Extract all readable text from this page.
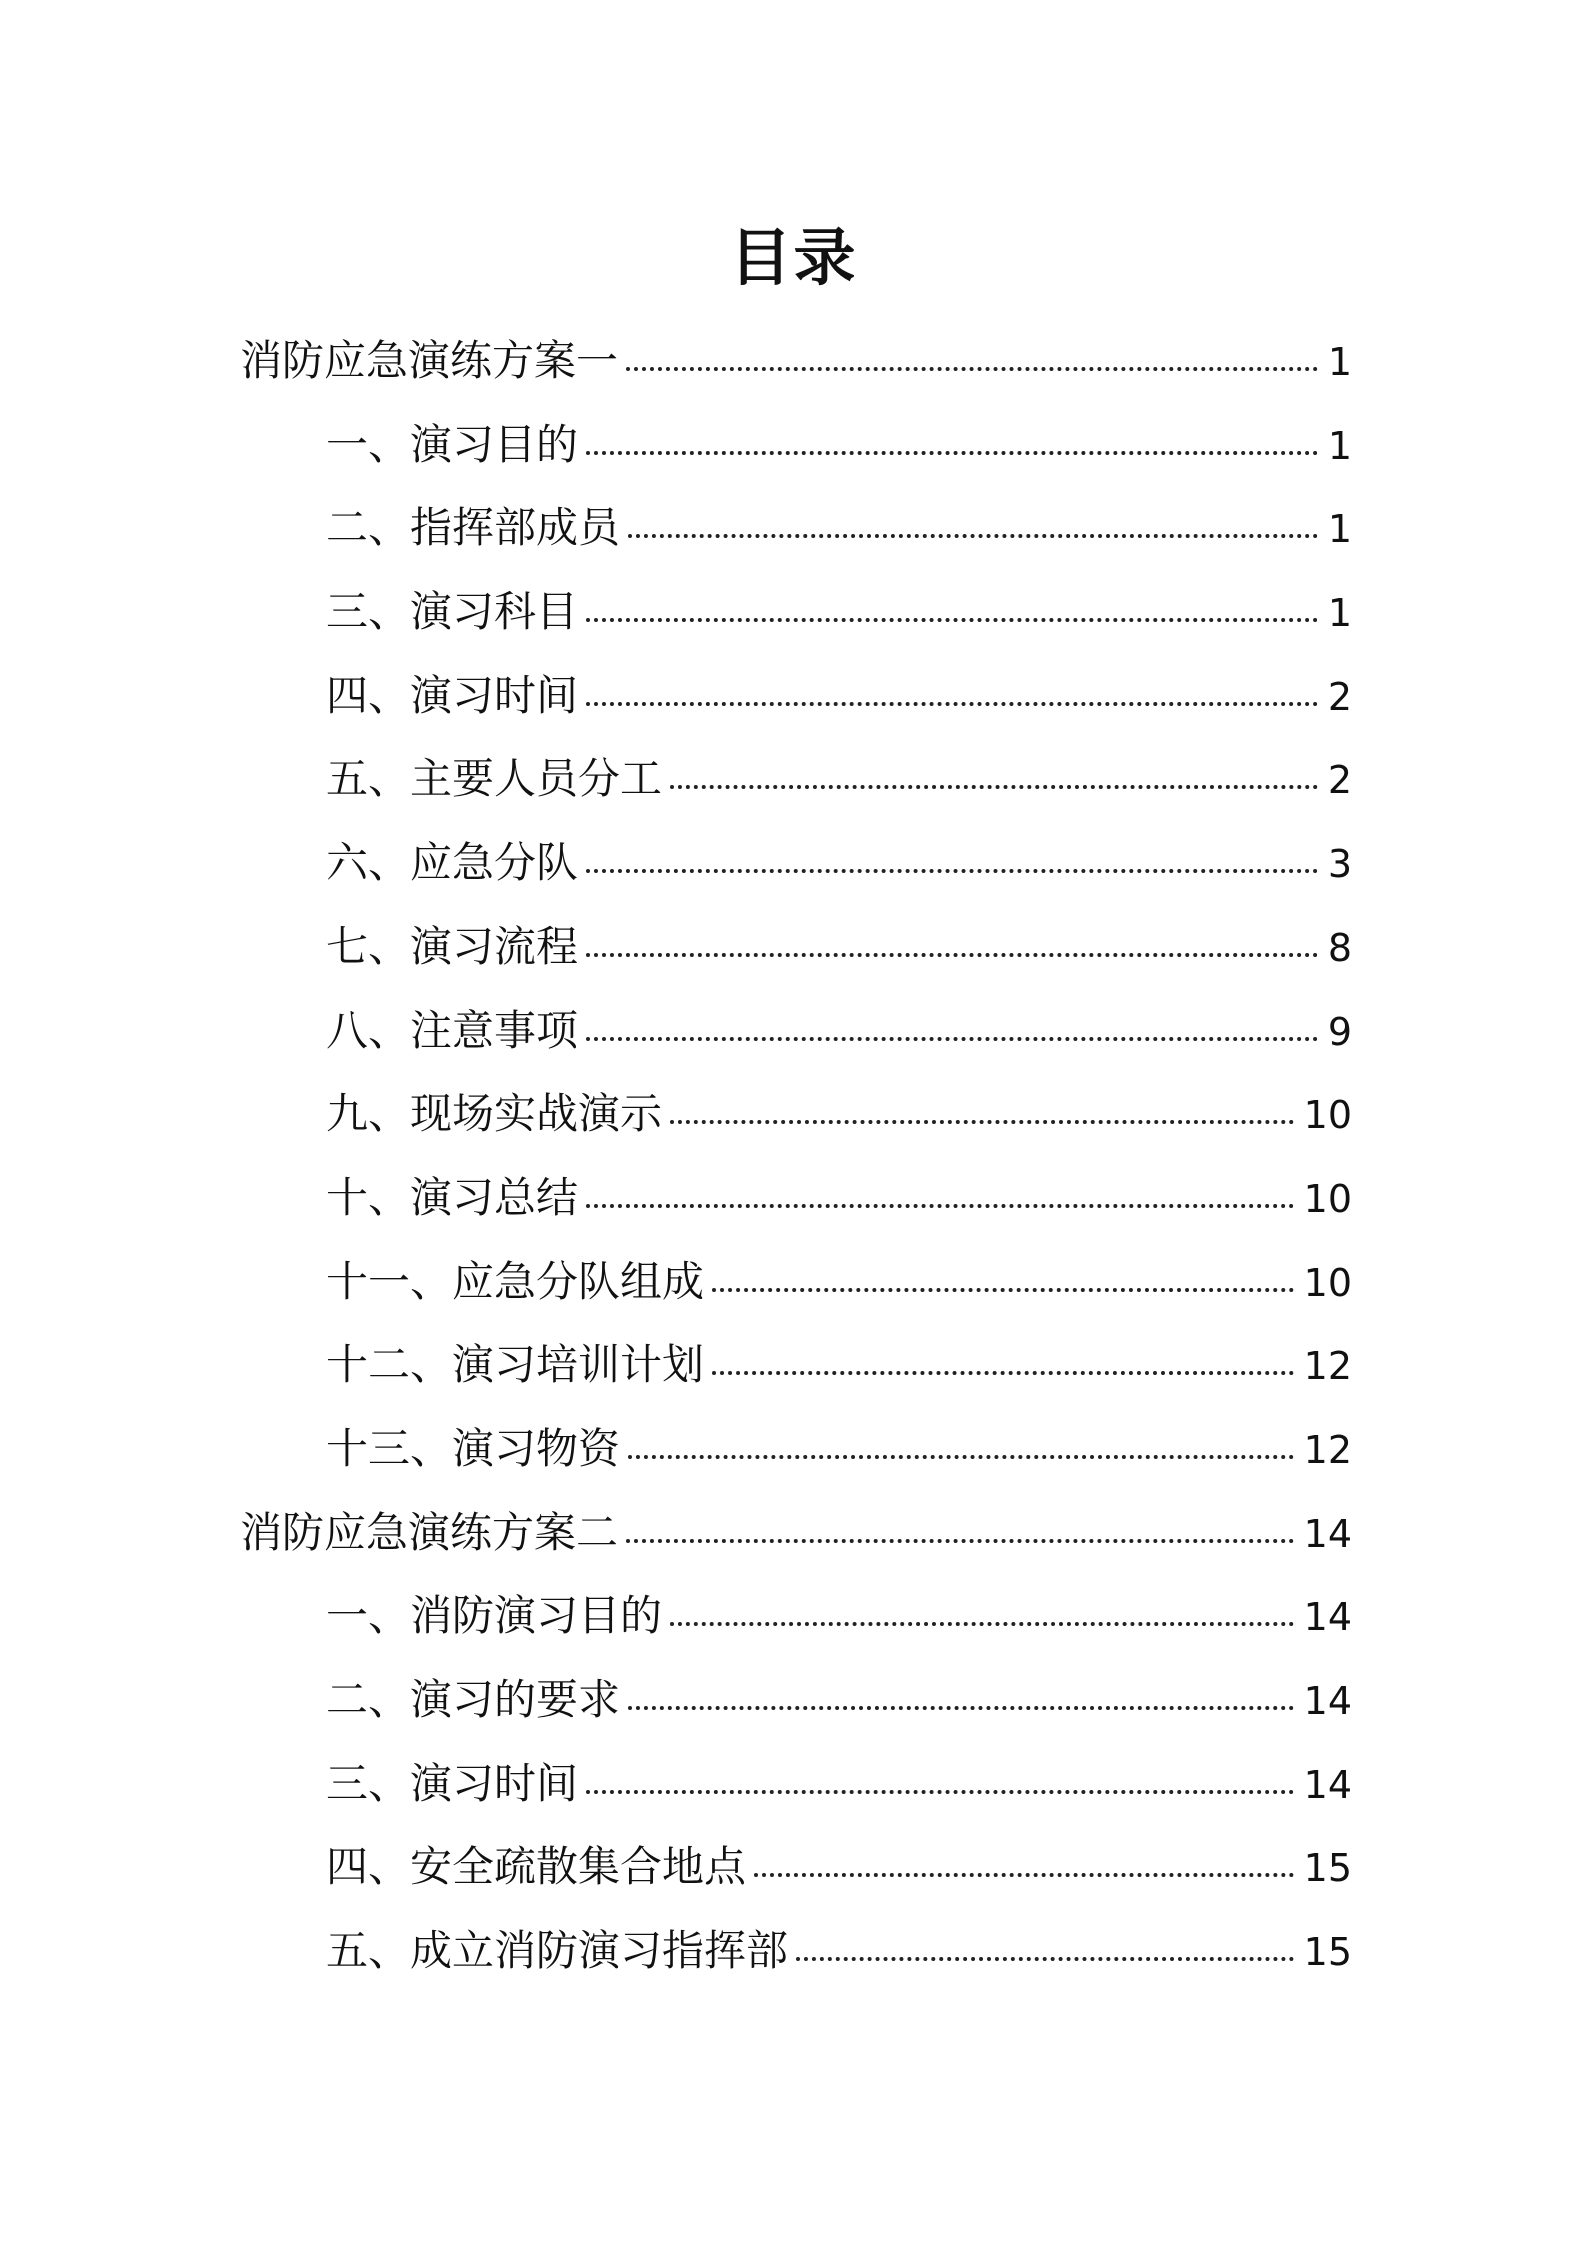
目录
消防应急演练方案一	1
一、演习目的	1
二、指挥部成员	1
三、演习科目	1
四、演习时间	2
五、主要人员分工	2
六、应急分队	3
七、演习流程	8
八、注意事项	9
九、现场实战演示	10
十、演习总结	10
十一、应急分队组成	10
十二、演习培训计划	12
十三、演习物资	12
消防应急演练方案二	14
一、消防演习目的	14
二、演习的要求	14
三、演习时间	14
四、安全疏散集合地点	15
五、成立消防演习指挥部	15
